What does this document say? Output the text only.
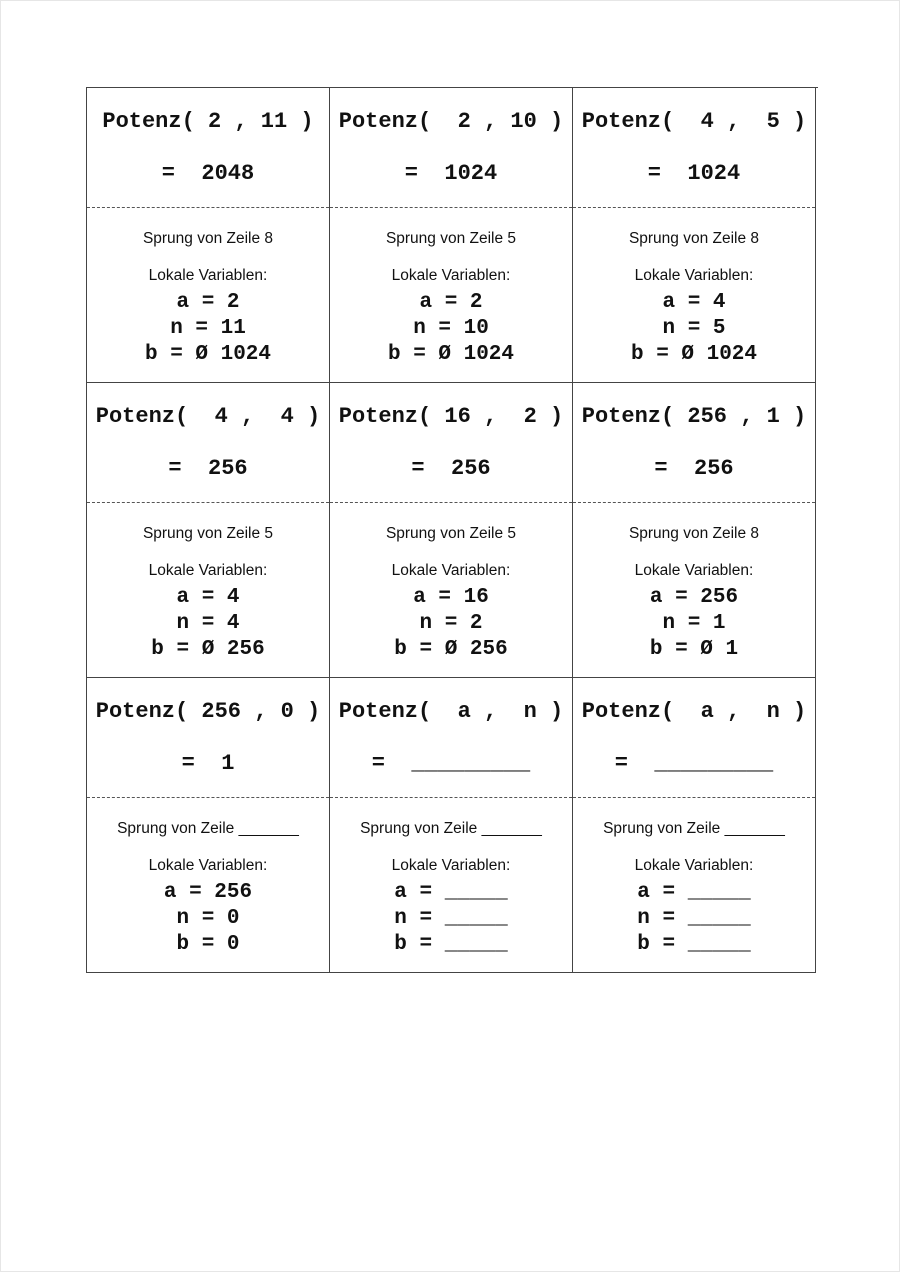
Potenz( 2 , 11 )
=  2048
Sprung von Zeile 8
Lokale Variablen:
a = 2
n = 11
b = Ø 1024
Potenz(  2 , 10 )
=  1024
Sprung von Zeile 5
Lokale Variablen:
a = 2
n = 10
b = Ø 1024
Potenz(  4 ,  5 )
=  1024
Sprung von Zeile 8
Lokale Variablen:
a = 4
n = 5
b = Ø 1024
Potenz(  4 ,  4 )
=  256
Sprung von Zeile 5
Lokale Variablen:
a = 4
n = 4
b = Ø 256
Potenz( 16 ,  2 )
=  256
Sprung von Zeile 5
Lokale Variablen:
a = 16
n = 2
b = Ø 256
Potenz( 256 , 1 )
=  256
Sprung von Zeile 8
Lokale Variablen:
a = 256
n = 1
b = Ø 1
Potenz( 256 , 0 )
=  1
Sprung von Zeile _______
Lokale Variablen:
a = 256
n = 0
b = 0
Potenz(  a ,  n )
=  _________
Sprung von Zeile _______
Lokale Variablen:
a = _____
n = _____
b = _____
Potenz(  a ,  n )
=  _________
Sprung von Zeile _______
Lokale Variablen:
a = _____
n = _____
b = _____
